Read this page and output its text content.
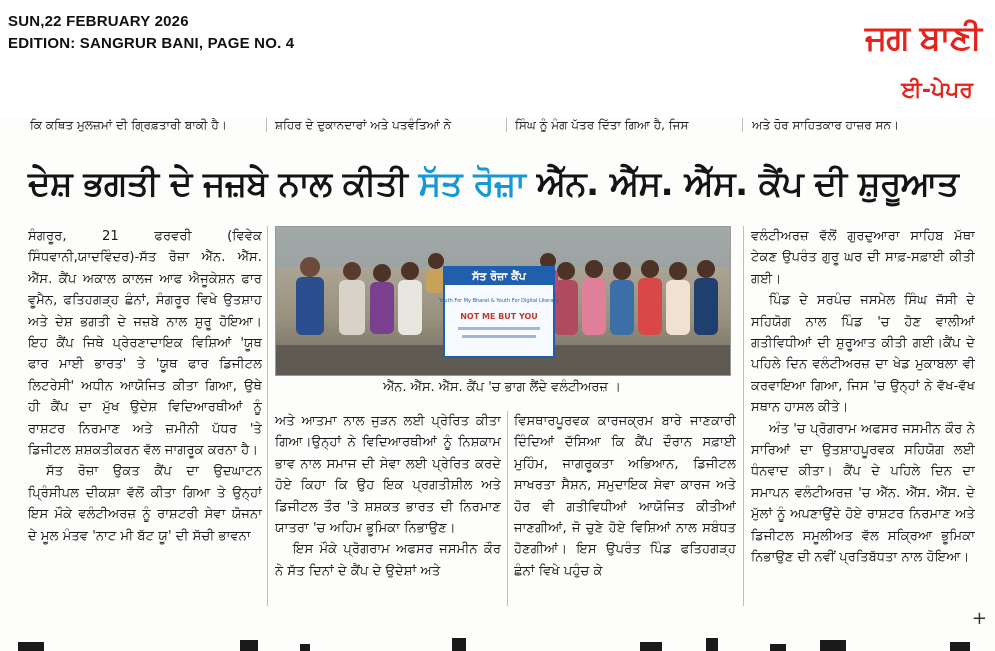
SUN,22 FEBRUARY 2026
EDITION: SANGRUR BANI, PAGE NO. 4	ਜਗ ਬਾਣੀ
ਈ-ਪੇਪਰ
ਕਿ ਕਥਿਤ ਮੁਲਜ਼ਮਾਂ ਦੀ ਗ੍ਰਿਫ਼ਤਾਰੀ ਬਾਕੀ ਹੈ।	ਸ਼ਹਿਰ ਦੇ ਦੁਕਾਨਦਾਰਾਂ ਅਤੇ ਪਤਵੰਤਿਆਂ ਨੇ	ਸਿੰਘ ਨੂੰ ਮੰਗ ਪੱਤਰ ਦਿੱਤਾ ਗਿਆ ਹੈ, ਜਿਸ	ਅਤੇ ਹੋਰ ਸਾਹਿਤਕਾਰ ਹਾਜ਼ਰ ਸਨ।
ਦੇਸ਼ ਭਗਤੀ ਦੇ ਜਜ਼ਬੇ ਨਾਲ ਕੀਤੀ ਸੱਤ ਰੋਜ਼ਾ ਐੱਨ. ਐੱਸ. ਐੱਸ. ਕੈਂਪ ਦੀ ਸ਼ੁਰੂਆਤ

ਸੰਗਰੂਰ, 21 ਫਰਵਰੀ (ਵਿਵੇਕ ਸਿੰਧਵਾਨੀ,ਯਾਦਵਿੰਦਰ)-ਸੱਤ ਰੋਜ਼ਾ ਐੱਨ. ਐੱਸ. ਐੱਸ. ਕੈਂਪ ਅਕਾਲ ਕਾਲਜ ਆਫ ਐਜੂਕੇਸ਼ਨ ਫਾਰ ਵੂਮੈਨ, ਫਤਿਹਗੜ੍ਹ ਛੰਨਾਂ, ਸੰਗਰੂਰ ਵਿਖੇ ਉਤਸ਼ਾਹ ਅਤੇ ਦੇਸ਼ ਭਗਤੀ ਦੇ ਜਜ਼ਬੇ ਨਾਲ ਸ਼ੁਰੂ ਹੋਇਆ। ਇਹ ਕੈਂਪ ਜਿਥੇ ਪ੍ਰੇਰਣਾਦਾਇਕ ਵਿਸ਼ਿਆਂ 'ਯੂਥ ਫਾਰ ਮਾਈ ਭਾਰਤ' ਤੇ 'ਯੂਥ ਫਾਰ ਡਿਜੀਟਲ ਲਿਟਰੇਸੀ' ਅਧੀਨ ਆਯੋਜਿਤ ਕੀਤਾ ਗਿਆ, ਉਥੇ ਹੀ ਕੈਂਪ ਦਾ ਮੁੱਖ ਉਦੇਸ਼ ਵਿਦਿਆਰਥੀਆਂ ਨੂੰ ਰਾਸ਼ਟਰ ਨਿਰਮਾਣ ਅਤੇ ਜ਼ਮੀਨੀ ਪੱਧਰ 'ਤੇ ਡਿਜੀਟਲ ਸ਼ਸ਼ਕਤੀਕਰਨ ਵੱਲ ਜਾਗਰੂਕ ਕਰਨਾ ਹੈ।

ਸੱਤ ਰੋਜ਼ਾ ਉਕਤ ਕੈਂਪ ਦਾ ਉਦਘਾਟਨ ਪ੍ਰਿੰਸੀਪਲ ਦੀਕਸ਼ਾ ਵੱਲੋਂ ਕੀਤਾ ਗਿਆ ਤੇ ਉਨ੍ਹਾਂ ਇਸ ਮੌਕੇ ਵਲੰਟੀਅਰਜ਼ ਨੂੰ ਰਾਸ਼ਟਰੀ ਸੇਵਾ ਯੋਜਨਾ ਦੇ ਮੂਲ ਮੰਤਵ 'ਨਾਟ ਮੀ ਬੱਟ ਯੂ' ਦੀ ਸੱਚੀ ਭਾਵਨਾ

ਸੱਤ ਰੋਜ਼ਾ ਕੈਂਪ
Youth For My Bharat & Youth For Digital Literacy
NOT ME BUT YOU
ਐੱਨ. ਐੱਸ. ਐੱਸ. ਕੈਂਪ 'ਚ ਭਾਗ ਲੈਂਦੇ ਵਲੰਟੀਅਰਜ਼ ।

ਅਤੇ ਆਤਮਾ ਨਾਲ ਜੁੜਨ ਲਈ ਪ੍ਰੇਰਿਤ ਕੀਤਾ ਗਿਆ।ਉਨ੍ਹਾਂ ਨੇ ਵਿਦਿਆਰਥੀਆਂ ਨੂੰ ਨਿਸ਼ਕਾਮ ਭਾਵ ਨਾਲ ਸਮਾਜ ਦੀ ਸੇਵਾ ਲਈ ਪ੍ਰੇਰਿਤ ਕਰਦੇ ਹੋਏ ਕਿਹਾ ਕਿ ਉਹ ਇਕ ਪ੍ਰਗਤੀਸ਼ੀਲ ਅਤੇ ਡਿਜੀਟਲ ਤੌਰ 'ਤੇ ਸ਼ਸ਼ਕਤ ਭਾਰਤ ਦੀ ਨਿਰਮਾਣ ਯਾਤਰਾ 'ਚ ਅਹਿਮ ਭੂਮਿਕਾ ਨਿਭਾਉਣ।

ਇਸ ਮੌਕੇ ਪ੍ਰੋਗਰਾਮ ਅਫਸਰ ਜਸਮੀਨ ਕੌਰ ਨੇ ਸੱਤ ਦਿਨਾਂ ਦੇ ਕੈਂਪ ਦੇ ਉਦੇਸ਼ਾਂ ਅਤੇ

ਵਿਸਥਾਰਪੂਰਵਕ ਕਾਰਜਕ੍ਰਮ ਬਾਰੇ ਜਾਣਕਾਰੀ ਦਿੰਦਿਆਂ ਦੱਸਿਆ ਕਿ ਕੈਂਪ ਦੌਰਾਨ ਸਫ਼ਾਈ ਮੁਹਿੰਮ, ਜਾਗਰੂਕਤਾ ਅਭਿਆਨ, ਡਿਜੀਟਲ ਸਾਖਰਤਾ ਸੈਸ਼ਨ, ਸਮੁਦਾਇਕ ਸੇਵਾ ਕਾਰਜ ਅਤੇ ਹੋਰ ਵੀ ਗਤੀਵਿਧੀਆਂ ਆਯੋਜਿਤ ਕੀਤੀਆਂ ਜਾਣਗੀਆਂ, ਜੋ ਚੁਣੇ ਹੋਏ ਵਿਸ਼ਿਆਂ ਨਾਲ ਸਬੰਧਤ ਹੋਣਗੀਆਂ। ਇਸ ਉਪਰੰਤ ਪਿੰਡ ਫਤਿਹਗੜ੍ਹ ਛੰਨਾਂ ਵਿਖੇ ਪਹੁੰਚ ਕੇ

ਵਲੰਟੀਅਰਜ਼ ਵੱਲੋਂ ਗੁਰਦੁਆਰਾ ਸਾਹਿਬ ਮੱਥਾ ਟੇਕਣ ਉਪਰੰਤ ਗੁਰੂ ਘਰ ਦੀ ਸਾਫ਼-ਸਫ਼ਾਈ ਕੀਤੀ ਗਈ।

ਪਿੰਡ ਦੇ ਸਰਪੰਚ ਜਸਮੇਲ ਸਿੰਘ ਜੱਸੀ ਦੇ ਸਹਿਯੋਗ ਨਾਲ ਪਿੰਡ 'ਚ ਹੋਣ ਵਾਲੀਆਂ ਗਤੀਵਿਧੀਆਂ ਦੀ ਸ਼ੁਰੂਆਤ ਕੀਤੀ ਗਈ।ਕੈਂਪ ਦੇ ਪਹਿਲੇ ਦਿਨ ਵਲੰਟੀਅਰਜ਼ ਦਾ ਖੇਡ ਮੁਕਾਬਲਾ ਵੀ ਕਰਵਾਇਆ ਗਿਆ, ਜਿਸ 'ਚ ਉਨ੍ਹਾਂ ਨੇ ਵੱਖ-ਵੱਖ ਸਥਾਨ ਹਾਸਲ ਕੀਤੇ।

ਅੰਤ 'ਚ ਪ੍ਰੋਗਰਾਮ ਅਫਸਰ ਜਸਮੀਨ ਕੌਰ ਨੇ ਸਾਰਿਆਂ ਦਾ ਉਤਸ਼ਾਹਪੂਰਵਕ ਸਹਿਯੋਗ ਲਈ ਧੰਨਵਾਦ ਕੀਤਾ। ਕੈਂਪ ਦੇ ਪਹਿਲੇ ਦਿਨ ਦਾ ਸਮਾਪਨ ਵਲੰਟੀਅਰਜ਼ 'ਚ ਐੱਨ. ਐੱਸ. ਐੱਸ. ਦੇ ਮੁੱਲਾਂ ਨੂੰ ਅਪਣਾਉਂਦੇ ਹੋਏ ਰਾਸ਼ਟਰ ਨਿਰਮਾਣ ਅਤੇ ਡਿਜੀਟਲ ਸਮੂਲੀਅਤ ਵੱਲ ਸਕ੍ਰਿਆ ਭੂਮਿਕਾ ਨਿਭਾਉਣ ਦੀ ਨਵੀਂ ਪ੍ਰਤਿਬੱਧਤਾ ਨਾਲ ਹੋਇਆ।

+
